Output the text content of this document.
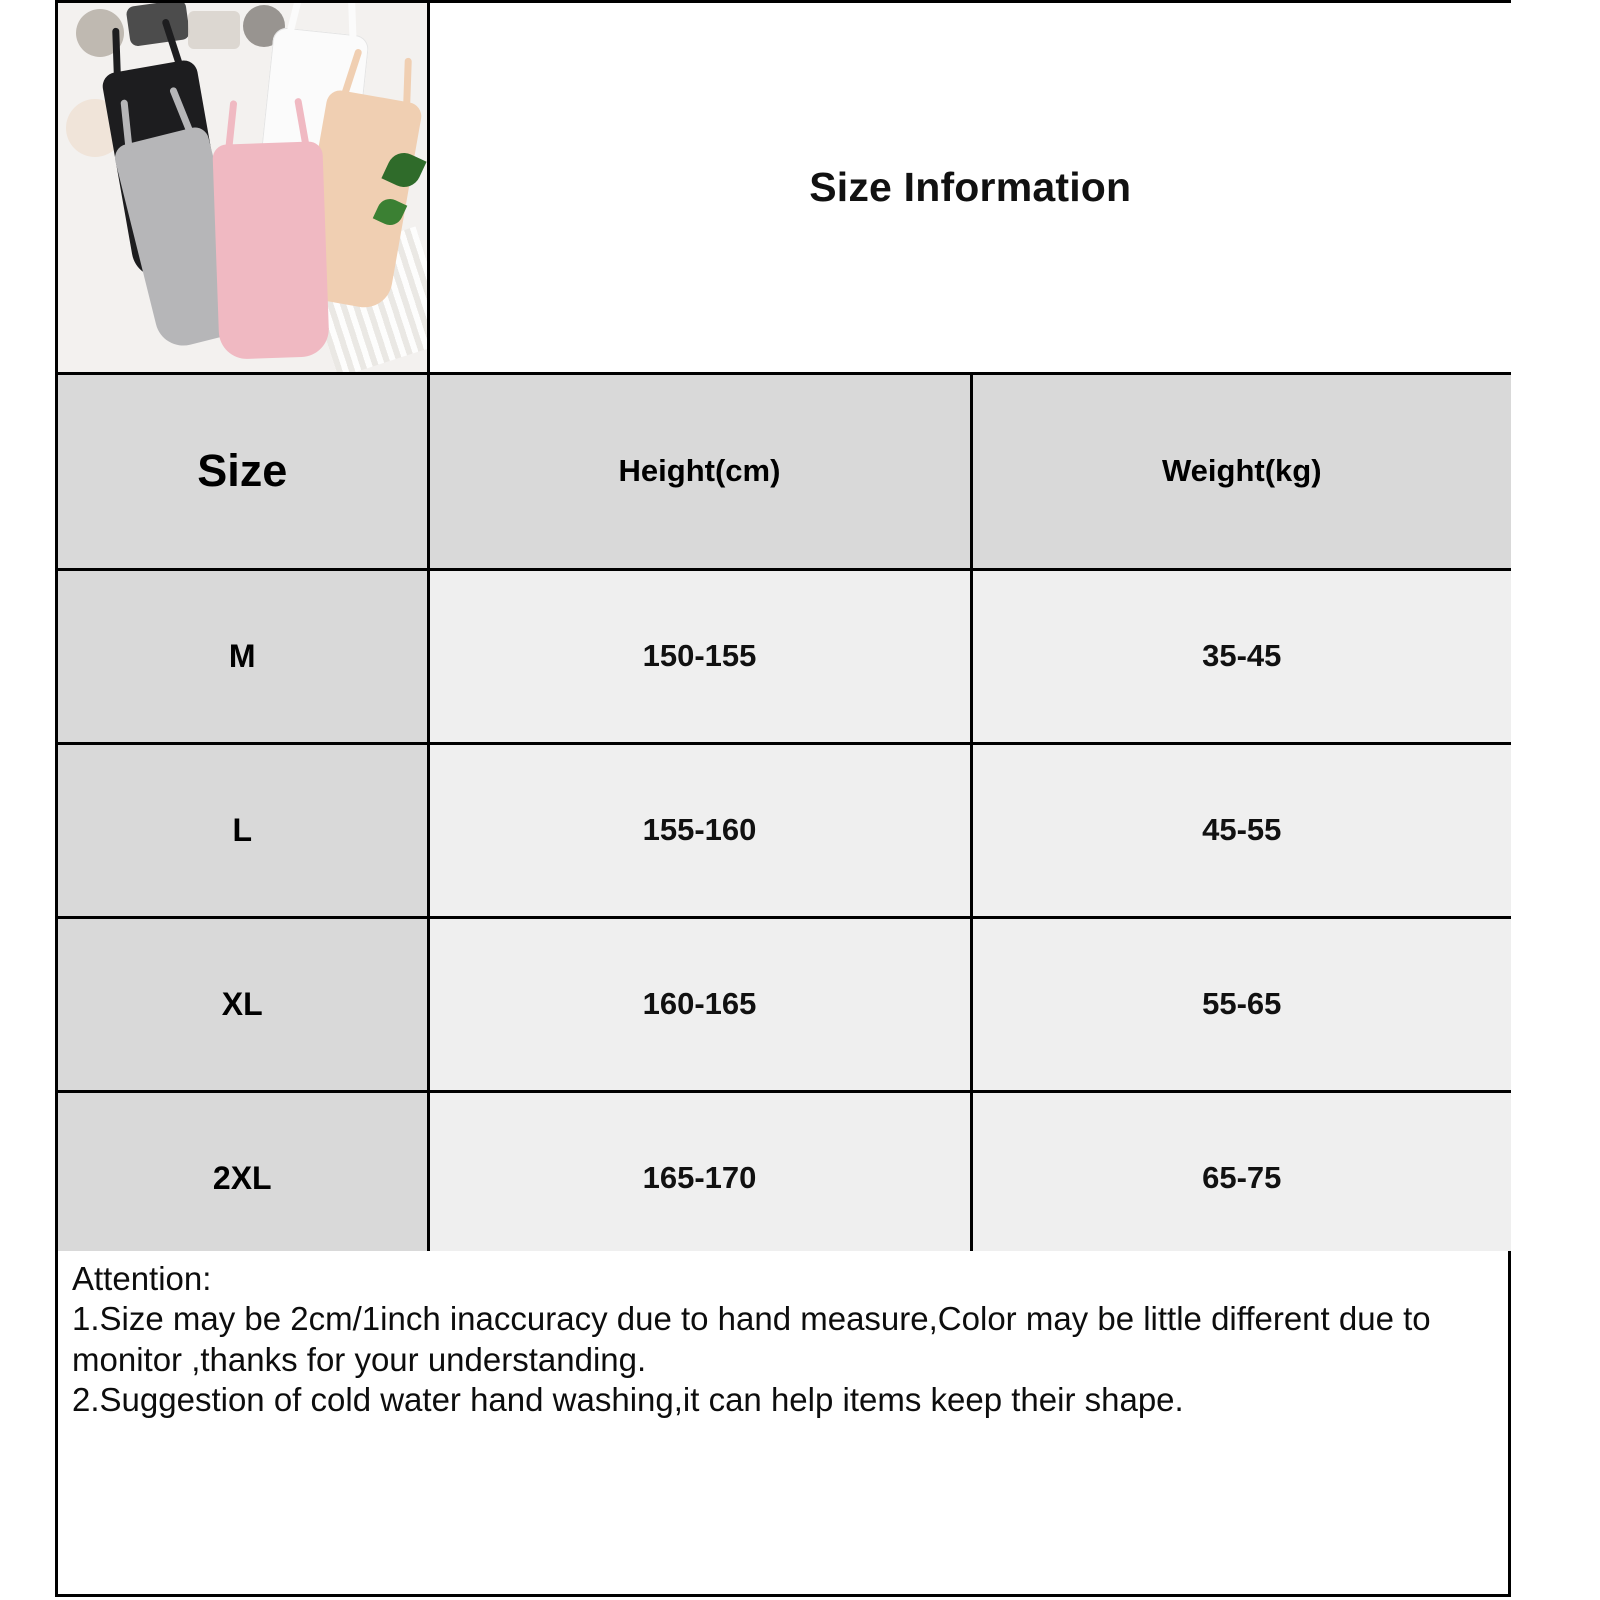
	Size Information	
Size	Height(cm)	Weight(kg)
M	150-155	35-45
L	155-160	45-55
XL	160-165	55-65
2XL	165-170	65-75
Attention:
1.Size may be 2cm/1inch inaccuracy due to hand measure,Color may be little different due to monitor ,thanks for your understanding.
2.Suggestion of cold water hand washing,it can help items keep their shape.
